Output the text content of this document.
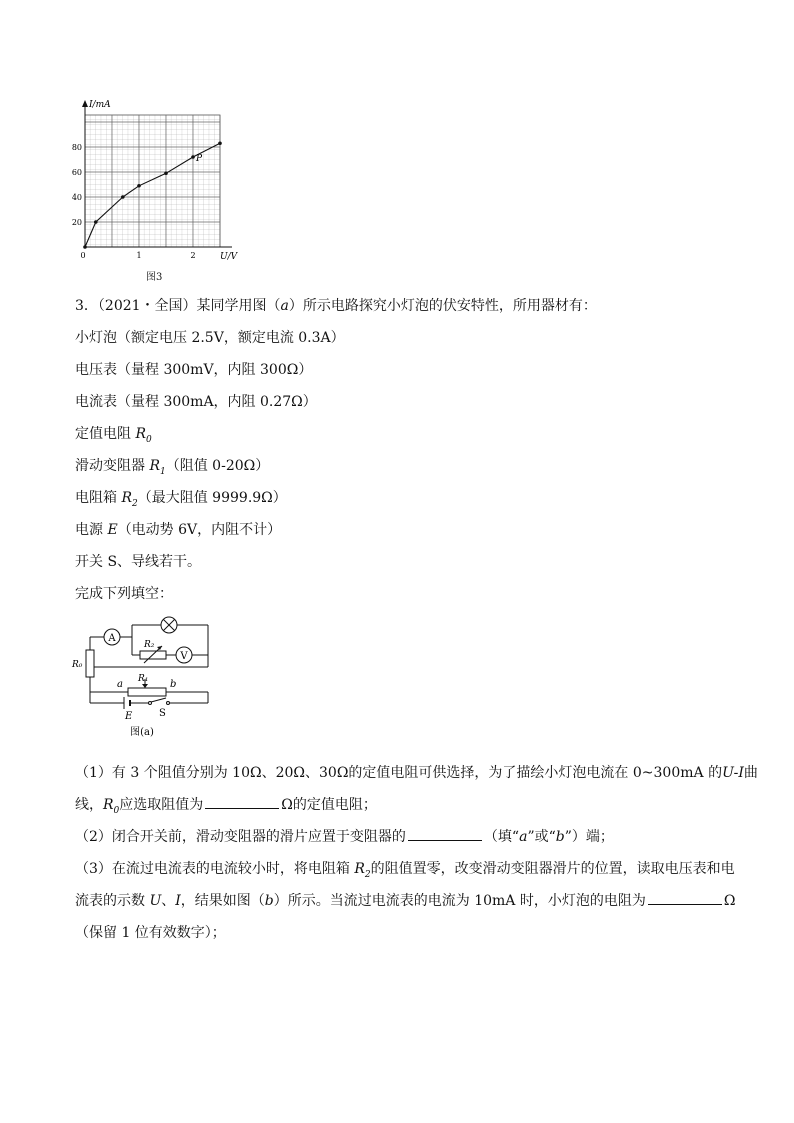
I/mA
U/V
0	1	2
20
40
60
80
P
图3
3．（2021・全国）某同学用图（a）所示电路探究小灯泡的伏安特性，所用器材有：
小灯泡（额定电压 2.5V，额定电流 0.3A）
电压表（量程 300mV，内阻 300Ω）
电流表（量程 300mA，内阻 0.27Ω）
定值电阻 $R_0$
滑动变阻器 $R_1$（阻值 0-20Ω）
电阻箱 $R_2$（最大阻值 9999.9Ω）
电源 E（电动势 6V，内阻不计）
开关 S、导线若干。
完成下列填空：
A
R₂
V
R₁
a	b
E	S
R₀
图(a)
（1）有 3 个阻值分别为 10Ω、20Ω、30Ω的定值电阻可供选择，为了描绘小灯泡电流在 0~300mA 的U-I曲
线，$R_0$应选取阻值为	Ω的定值电阻；
（2）闭合开关前，滑动变阻器的滑片应置于变阻器的	（填“a”或“b”）端；
（3）在流过电流表的电流较小时，将电阻箱 $R_2$的阻值置零，改变滑动变阻器滑片的位置，读取电压表和电
流表的示数 U、I，结果如图（b）所示。当流过电流表的电流为 10mA 时，小灯泡的电阻为	Ω
（保留 1 位有效数字）；
